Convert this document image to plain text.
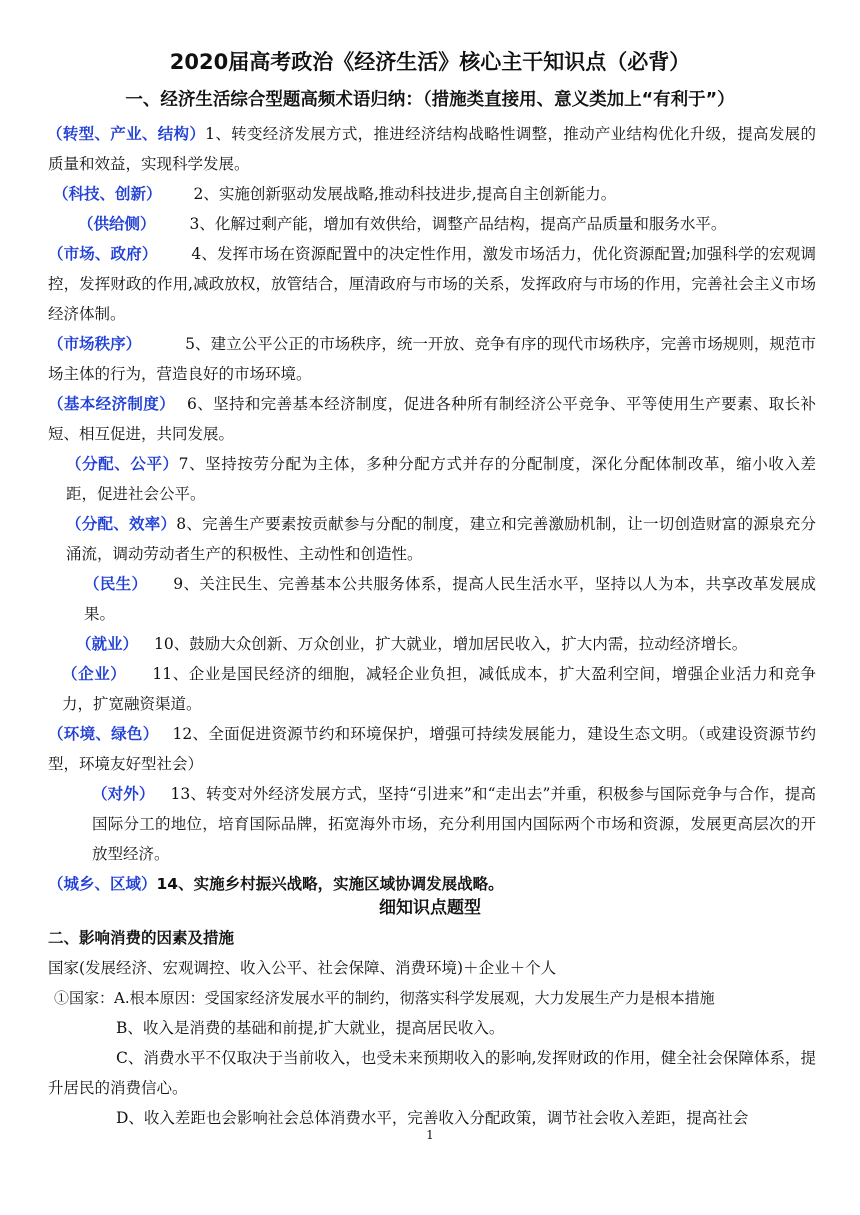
2020届高考政治《经济生活》核心主干知识点（必背）
一、经济生活综合型题高频术语归纳：（措施类直接用、意义类加上“有利于”）

（转型、产业、结构）1、转变经济发展方式，推进经济结构战略性调整，推动产业结构优化升级，提高发展的质量和效益，实现科学发展。

（科技、创新） 2、实施创新驱动发展战略,推动科技进步,提高自主创新能力。

（供给侧） 3、化解过剩产能，增加有效供给，调整产品结构，提高产品质量和服务水平。

（市场、政府） 4、发挥市场在资源配置中的决定性作用，激发市场活力，优化资源配置;加强科学的宏观调控，发挥财政的作用,减政放权，放管结合，厘清政府与市场的关系，发挥政府与市场的作用，完善社会主义市场经济体制。

（市场秩序）	5、建立公平公正的市场秩序，统一开放、竞争有序的现代市场秩序，完善市场规则，规范市场主体的行为，营造良好的市场环境。

（基本经济制度） 6、坚持和完善基本经济制度，促进各种所有制经济公平竞争、平等使用生产要素、取长补短、相互促进，共同发展。

（分配、公平）7、坚持按劳分配为主体，多种分配方式并存的分配制度，深化分配体制改革，缩小收入差距，促进社会公平。

（分配、效率）8、完善生产要素按贡献参与分配的制度，建立和完善激励机制，让一切创造财富的源泉充分涌流，调动劳动者生产的积极性、主动性和创造性。

（民生） 9、关注民生、完善基本公共服务体系，提高人民生活水平，坚持以人为本，共享改革发展成果。

（就业） 10、鼓励大众创新、万众创业，扩大就业，增加居民收入，扩大内需，拉动经济增长。

（企业） 11、企业是国民经济的细胞，减轻企业负担，减低成本，扩大盈利空间，增强企业活力和竞争力，扩宽融资渠道。

（环境、绿色） 12、全面促进资源节约和环境保护，增强可持续发展能力，建设生态文明。（或建设资源节约型，环境友好型社会）

（对外） 13、转变对外经济发展方式，坚持“引进来”和“走出去”并重，积极参与国际竞争与合作，提高国际分工的地位，培育国际品牌，拓宽海外市场，充分利用国内国际两个市场和资源，发展更高层次的开放型经济。

（城乡、区域）14、实施乡村振兴战略，实施区域协调发展战略。

细知识点题型

二、影响消费的因素及措施

国家(发展经济、宏观调控、收入公平、社会保障、消费环境)＋企业＋个人

①国家：A.根本原因：受国家经济发展水平的制约，彻落实科学发展观，大力发展生产力是根本措施

B、收入是消费的基础和前提,扩大就业，提高居民收入。

C、消费水平不仅取决于当前收入，也受未来预期收入的影响,发挥财政的作用，健全社会保障体系，提升居民的消费信心。

D、收入差距也会影响社会总体消费水平，完善收入分配政策，调节社会收入差距，提高社会

1
